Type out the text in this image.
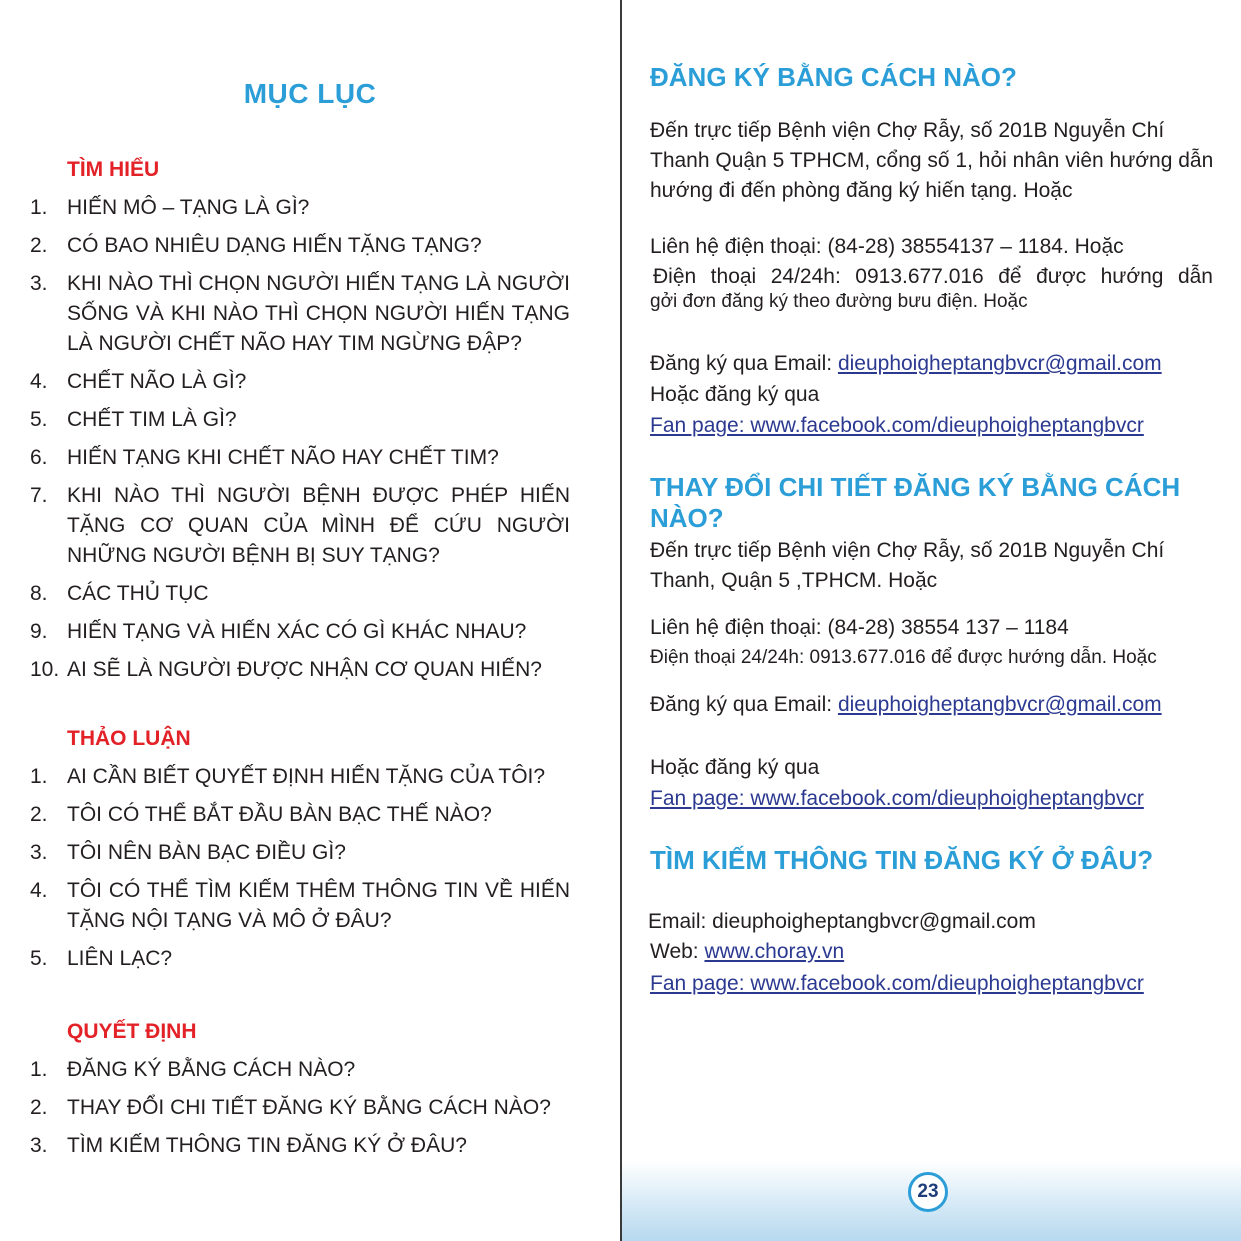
MỤC LỤC
TÌM HIỂU
1. HIẾN MÔ – TẠNG LÀ GÌ?
2. CÓ BAO NHIÊU DẠNG HIẾN TẶNG TẠNG?
3. KHI NÀO THÌ CHỌN NGƯỜI HIẾN TẠNG LÀ NGƯỜI SỐNG VÀ KHI NÀO THÌ CHỌN NGƯỜI HIẾN TẠNG LÀ NGƯỜI CHẾT NÃO HAY TIM NGỪNG ĐẬP?
4. CHẾT NÃO LÀ GÌ?
5. CHẾT TIM LÀ GÌ?
6. HIẾN TẠNG KHI CHẾT NÃO HAY CHẾT TIM?
7. KHI NÀO THÌ NGƯỜI BỆNH ĐƯỢC PHÉP HIẾN TẶNG CƠ QUAN CỦA MÌNH ĐỂ CỨU NGƯỜI NHỮNG NGƯỜI BỆNH BỊ SUY TẠNG?
8. CÁC THỦ TỤC
9. HIẾN TẠNG VÀ HIẾN XÁC CÓ GÌ KHÁC NHAU?
10. AI SẼ LÀ NGƯỜI ĐƯỢC NHẬN CƠ QUAN HIẾN?
THẢO LUẬN
1. AI CẦN BIẾT QUYẾT ĐỊNH HIẾN TẶNG CỦA TÔI?
2. TÔI CÓ THỂ BẮT ĐẦU BÀN BẠC THẾ NÀO?
3. TÔI NÊN BÀN BẠC ĐIỀU GÌ?
4. TÔI CÓ THỂ TÌM KIẾM THÊM THÔNG TIN VỀ HIẾN TẶNG NỘI TẠNG VÀ MÔ Ở ĐÂU?
5. LIÊN LẠC?
QUYẾT ĐỊNH
1. ĐĂNG KÝ BẰNG CÁCH NÀO?
2. THAY ĐỔI CHI TIẾT ĐĂNG KÝ BẰNG CÁCH NÀO?
3. TÌM KIẾM THÔNG TIN ĐĂNG KÝ Ở ĐÂU?
ĐĂNG KÝ BẰNG CÁCH NÀO?
Đến trực tiếp Bệnh viện Chợ Rẫy, số 201B Nguyễn Chí Thanh Quận 5 TPHCM, cổng số 1, hỏi nhân viên hướng dẫn hướng đi đến phòng đăng ký hiến tạng. Hoặc
Liên hệ điện thoại: (84-28) 38554137 – 1184. Hoặc
Điện thoại 24/24h: 0913.677.016 để được hướng dẫn
gởi đơn đăng ký theo đường bưu điện. Hoặc
Đăng ký qua Email: dieuphoigheptangbvcr@gmail.com
Hoặc đăng ký qua
Fan page: www.facebook.com/dieuphoigheptangbvcr
THAY ĐỔI CHI TIẾT ĐĂNG KÝ BẰNG CÁCH NÀO?
Đến trực tiếp Bệnh viện Chợ Rẫy, số 201B Nguyễn Chí Thanh, Quận 5 ,TPHCM. Hoặc
Liên hệ điện thoại: (84-28) 38554 137 – 1184
Điện thoại 24/24h: 0913.677.016 để được hướng dẫn. Hoặc
Đăng ký qua Email: dieuphoigheptangbvcr@gmail.com
Hoặc đăng ký qua
Fan page: www.facebook.com/dieuphoigheptangbvcr
TÌM KIẾM THÔNG TIN ĐĂNG KÝ Ở ĐÂU?
Email: dieuphoigheptangbvcr@gmail.com
Web: www.choray.vn
Fan page: www.facebook.com/dieuphoigheptangbvcr
23
